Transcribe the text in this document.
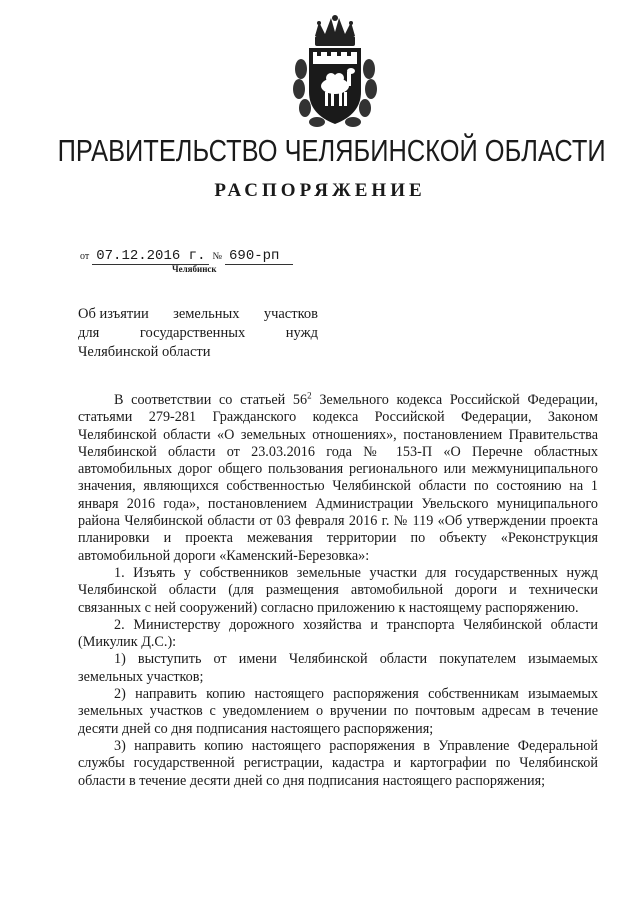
ПРАВИТЕЛЬСТВО ЧЕЛЯБИНСКОЙ ОБЛАСТИ
РАСПОРЯЖЕНИЕ
от 07.12.2016 г. № 690-рп
Челябинск
Об изъятии земельных участков
для	государственных	нужд
Челябинской области

В соответствии со статьей $56^2$ Земельного кодекса Российской Федерации, статьями 279-281 Гражданского кодекса Российской Федерации, Законом Челябинской области «О земельных отношениях», постановлением Правительства Челябинской области от 23.03.2016 года № 153-П «О Перечне областных автомобильных дорог общего пользования регионального или межмуниципального значения, являющихся собственностью Челябинской области по состоянию на 1 января 2016 года», постановлением Администрации Увельского муниципального района Челябинской области от 03 февраля 2016 г. № 119 «Об утверждении проекта планировки и проекта межевания территории по объекту «Реконструкция автомобильной дороги «Каменский-Березовка»:

1. Изъять у собственников земельные участки для государственных нужд Челябинской области (для размещения автомобильной дороги и технически связанных с ней сооружений) согласно приложению к настоящему распоряжению.

2. Министерству дорожного хозяйства и транспорта Челябинской области (Микулик Д.С.):

1) выступить от имени Челябинской области покупателем изымаемых земельных участков;

2) направить копию настоящего распоряжения собственникам изымаемых земельных участков с уведомлением о вручении по почтовым адресам в течение десяти дней со дня подписания настоящего распоряжения;

3) направить копию настоящего распоряжения в Управление Федеральной службы государственной регистрации, кадастра и картографии по Челябинской области в течение десяти дней со дня подписания настоящего распоряжения;
